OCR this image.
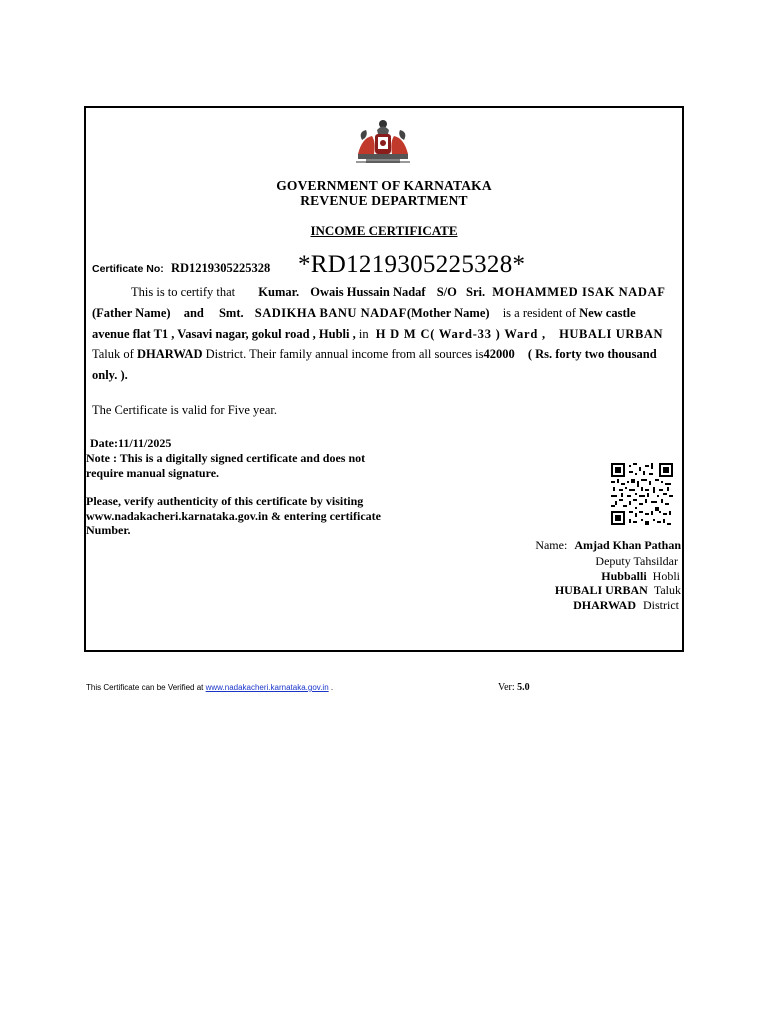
GOVERNMENT OF KARNATAKA
REVENUE DEPARTMENT
INCOME CERTIFICATE
Certificate No: RD1219305225328 *RD1219305225328*
This is to certify that Kumar. Owais Hussain Nadaf S/O Sri. MOHAMMED ISAK NADAF
(Father Name) and Smt. SADIKHA BANU NADAF(Mother Name) is a resident of New castle
avenue flat T1 , Vasavi nagar, gokul road , Hubli , in H D M C( Ward-33 ) Ward , HUBALI URBAN
Taluk of DHARWAD District. Their family annual income from all sources is42000 ( Rs. forty two thousand
only. ).
The Certificate is valid for Five year.
Date:11/11/2025
Note : This is a digitally signed certificate and does not
require manual signature.
Please, verify authenticity of this certificate by visiting
www.nadakacheri.karnataka.gov.in & entering certificate
Number.
Name: Amjad Khan Pathan
Deputy Tahsildar
Hubballi Hobli
HUBALI URBAN Taluk
DHARWAD District
This Certificate can be Verified at www.nadakacheri.karnataka.gov.in .	Ver: 5.0
